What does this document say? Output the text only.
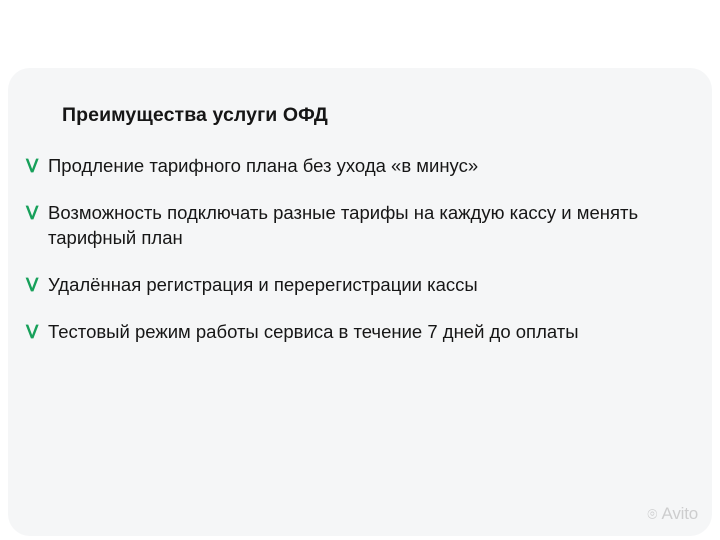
Преимущества услуги ОФД
ᐯ Продление тарифного плана без ухода «в минус»
ᐯ Возможность подключать разные тарифы на каждую кассу и менять тарифный план
ᐯ Удалённая регистрация и перерегистрации кассы
ᐯ Тестовый режим работы сервиса в течение 7 дней до оплаты
⌾ Avito
